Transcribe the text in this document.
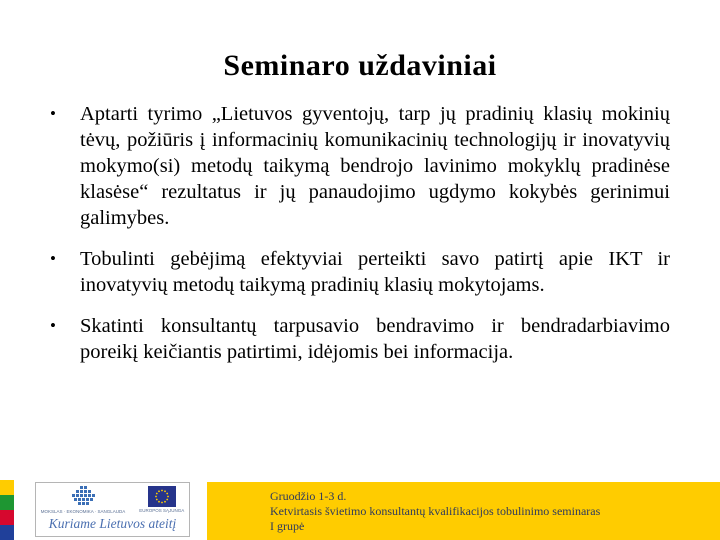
Seminaro uždaviniai
•	Aptarti tyrimo „Lietuvos gyventojų, tarp jų pradinių klasių mokinių tėvų, požiūris į informacinių komunikacinių technologijų ir inovatyvių mokymo(si) metodų taikymą bendrojo lavinimo mokyklų pradinėse klasėse“ rezultatus ir jų panaudojimo ugdymo kokybės gerinimui galimybes.
•	Tobulinti gebėjimą efektyviai perteikti savo patirtį apie IKT ir inovatyvių metodų taikymą pradinių klasių mokytojams.
•	Skatinti konsultantų tarpusavio bendravimo ir bendradarbiavimo poreikį keičiantis patirtimi, idėjomis bei informacija.
MOKSLAS · EKONOMIKA · SANGLAUDA	EUROPOS SĄJUNGA
Kuriame Lietuvos ateitį
Gruodžio 1-3 d.
Ketvirtasis švietimo konsultantų kvalifikacijos tobulinimo seminaras
I grupė
